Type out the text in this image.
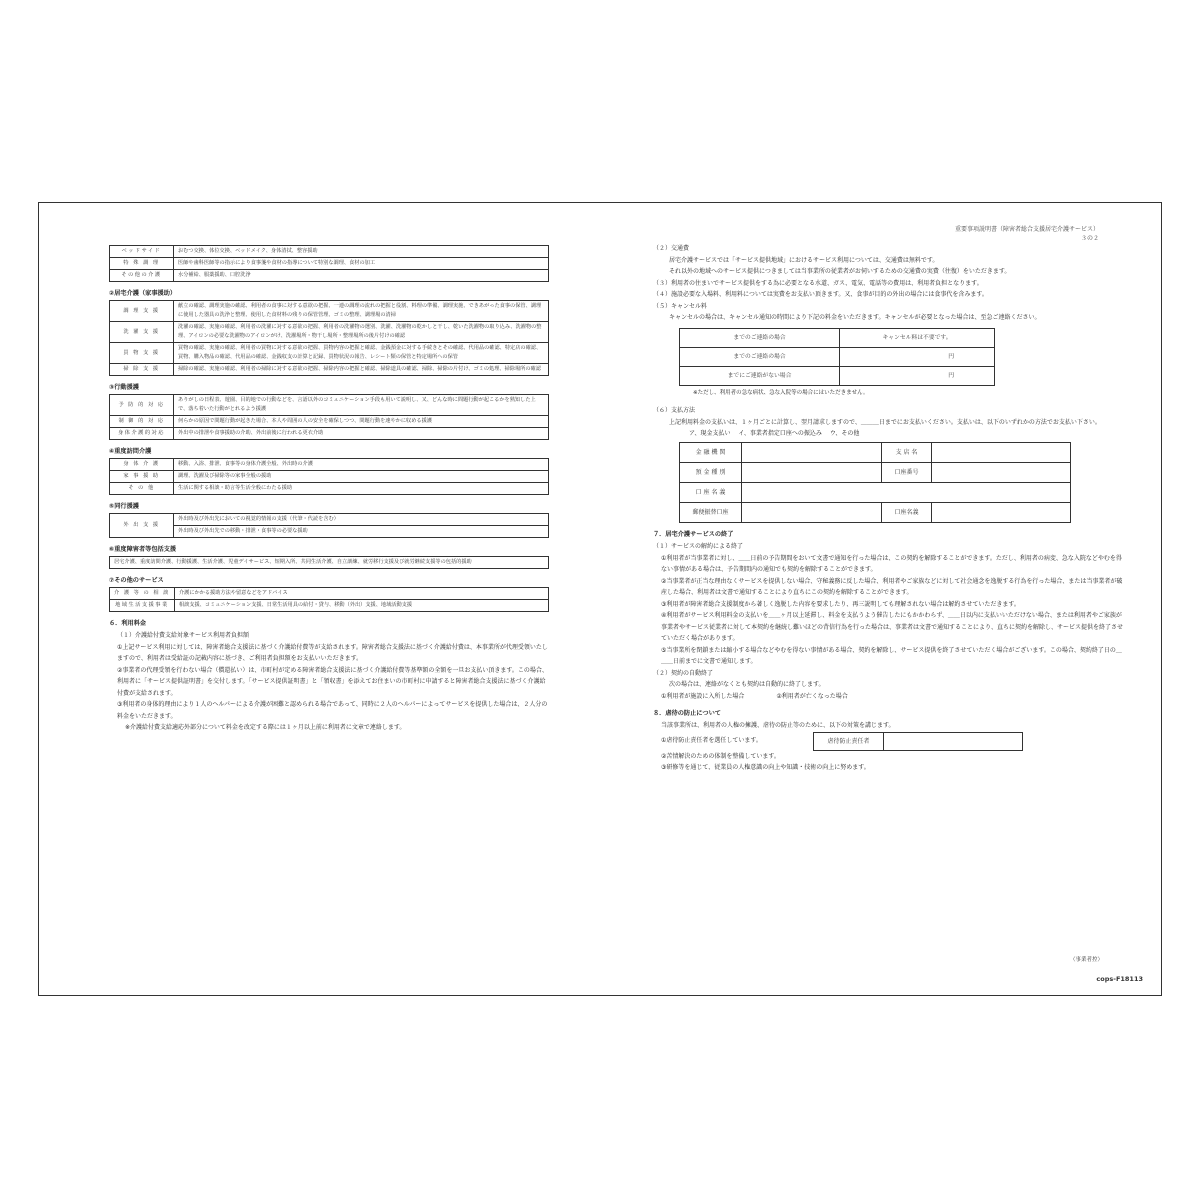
重要事項説明書（障害者総合支援居宅介護サービス）
３の２
ベッドサイド	おむつ交換、体位交換、ベッドメイク、身体清拭、整容援助
特 殊 調 理	医師や歯科医師等の指示により食事箋や食材の指導について特別な調理、食材の加工
その他の介護	水分補給、服薬援助、口腔洗浄
②居宅介護（家事援助）
調 理 支 援	献立の確認、調理実施の確認、利用者の食事に対する意欲の把握、一連の調理の流れの把握と役割、料理の準備、調理実施、できあがった食事の保管、調理に使用した器具の洗浄と整理、使用した食材料の残りの保管管理、ゴミの整理、調理場の清掃
洗 濯 支 援	洗濯の確認、実施の確認、利用者の洗濯に対する意欲の把握、利用者の洗濯物の選別、洗濯、洗濯物の乾かしと干し、乾いた洗濯物の取り込み、洗濯物の整理、アイロンの必要な洗濯物のアイロンがけ、洗濯場所・物干し場所・整理場所の後片付けの確認
買 物 支 援	買物の確認、実施の確認、利用者の買物に対する意欲の把握、買物内容の把握と確認、金銭預金に対する手続きとその確認、代用品の確認、特定店の確認、買物、購入物品の確認、代用品の確認、金銭収支の計算と記録、買物状況の報告、レシート類の保管と特定場所への保管
掃 除 支 援	掃除の確認、実施の確認、利用者の掃除に対する意欲の把握、掃除内容の把握と確認、掃除道具の確認、掃除、掃除の片付け、ゴミの処理、掃除場所の確認
③行動援護
予 防 的 対 応	ありがしの日程表、遊園、目的地での行動などを、言語以外のコミュニケーション手段も用いて説明し、又、どんな時に問題行動が起こるかを熟知した上で、落ち着いた行動がとれるよう援護
制 御 的 対 応	何らかの原因で問題行動が起きた場合、本人や周囲の人の安全を確保しつつ、問題行動を速やかに収める援護
身体介護的対応	外出中の排泄や食事援助の介助、外出前後に行われる更衣介助
④重度訪問介護
身 体 介 護	移動、入浴、排泄、食事等の身体介護全般、外出時の介護
家 事 援 助	調理、洗濯及び掃除等の家事全般の援助
そ の 他	生活に関する相談・助言等生活全般にわたる援助
⑤同行援護
外 出 支 援	外出時及び外出先においての視覚的情報の支援（代筆・代読を含む）
外出時及び外出先での移動・排泄・食事等の必要な援助
⑥重度障害者等包括支援
居宅介護、重度訪問介護、行動援護、生活介護、児童デイサービス、短期入所、共同生活介護、自立訓練、就労移行支援及び就労継続支援等の包括的援助
⑦その他のサービス
介 護 等 の 相 談	介護にかかる援助方法や留意などをアドバイス
地域生活支援事業	相談支援、コミュニケーション支援、日常生活用具の給付・貸与、移動（外出）支援、地域活動支援
６．利用料金
（１）介護給付費支給対象サービス利用者負担額
①上記サービス利用に対しては、障害者総合支援法に基づく介護給付費等が支給されます。障害者総合支援法に基づく介護給付費は、本事業所が代理受領いたしますので、利用者は受給証の記載内容に基づき、ご利用者負担額をお支払いいただきます。
②事業者の代理受領を行わない場合（償還払い）は、市町村が定める障害者総合支援法に基づく介護給付費等基準額の全額を一旦お支払い頂きます。この場合、利用者に「サービス提供証明書」を交付します。「サービス提供証明書」と「領収書」を添えてお住まいの市町村に申請すると障害者総合支援法に基づく介護給付費が支給されます。
③利用者の身体的理由により１人のヘルパーによる介護が困難と認められる場合であって、同時に２人のヘルパーによってサービスを提供した場合は、２人分の料金をいただきます。
※介護給付費支給適応外部分について料金を改定する際には１ヶ月以上前に利用者に文章で連絡します。
（２）交通費
居宅介護サービスでは「サービス提供地域」におけるサービス利用については、交通費は無料です。
それ以外の地域へのサービス提供につきましては当事業所の従業者がお伺いするための交通費の実費（往復）をいただきます。
（３）利用者の住まいでサービス提供をする為に必要となる水道、ガス、電気、電話等の費用は、利用者負担となります。
（４）施設必要な入場料、利用料については実費をお支払い頂きます。又、食事が目的の外出の場合には食事代を含みます。
（５）キャンセル料
キャンセルの場合は、キャンセル通知の時間により下記の料金をいただきます。キャンセルが必要となった場合は、至急ご連絡ください。
までのご連絡の場合	キャンセル料は不要です。
までのご連絡の場合	円
までにご連絡がない場合	円
※ただし、利用者の急な病状、急な入院等の場合にはいただきません。
（６）支払方法
上記利用料金の支払いは、１ヶ月ごとに計算し、翌月請求しますので、＿＿＿日までにお支払いください。支払いは、以下のいずれかの方法でお支払い下さい。
ア、現金支払い イ、事業者指定口座への振込み ウ、その他
金 融 機 関		支 店 名	
預 金 種 別		口座番号	
口 座 名 義			
郵便振替口座		口座名義	
７．居宅介護サービスの終了
（１）サービスの解約による終了
①利用者が当事業者に対し、＿＿日前の予告期間をおいて文書で通知を行った場合は、この契約を解除することができます。ただし、利用者の病変、急な入院などやむを得ない事情がある場合は、予告期間内の通知でも契約を解除することができます。
②当事業者が正当な理由なくサービスを提供しない場合、守秘義務に反した場合、利用者やご家族などに対して社会通念を逸脱する行為を行った場合、または当事業者が破産した場合、利用者は文書で通知することにより直ちにこの契約を解除することができます。
③利用者が障害者総合支援制度から著しく逸脱した内容を要求したり、再三説明しても理解されない場合は解約させていただきます。
④利用者がサービス利用料金の支払いを＿＿ヶ月以上延滞し、料金を支払うよう催告したにもかかわらず、＿＿日以内に支払いいただけない場合、または利用者やご家族が事業者やサービス従業者に対して本契約を継続し難いほどの背信行為を行った場合は、事業者は文書で通知することにより、直ちに契約を解除し、サービス提供を終了させていただく場合があります。
⑤当事業所を閉鎖または縮小する場合などやむを得ない事情がある場合、契約を解除し、サービス提供を終了させていただく場合がございます。この場合、契約終了日の＿＿＿日前までに文書で通知します。
（２）契約の自動終了
次の場合は、連絡がなくとも契約は自動的に終了します。
①利用者が施設に入所した場合	②利用者が亡くなった場合
８．虐待の防止について
当該事業所は、利用者の人権の擁護、虐待の防止等のために、以下の対策を講じます。
①虐待防止責任者を選任しています。	虐待防止責任者	
②苦情解決のための体制を整備しています。
③研修等を通じて、従業員の人権意識の向上や知識・技術の向上に努めます。
（事業者控）
cops-F18113
